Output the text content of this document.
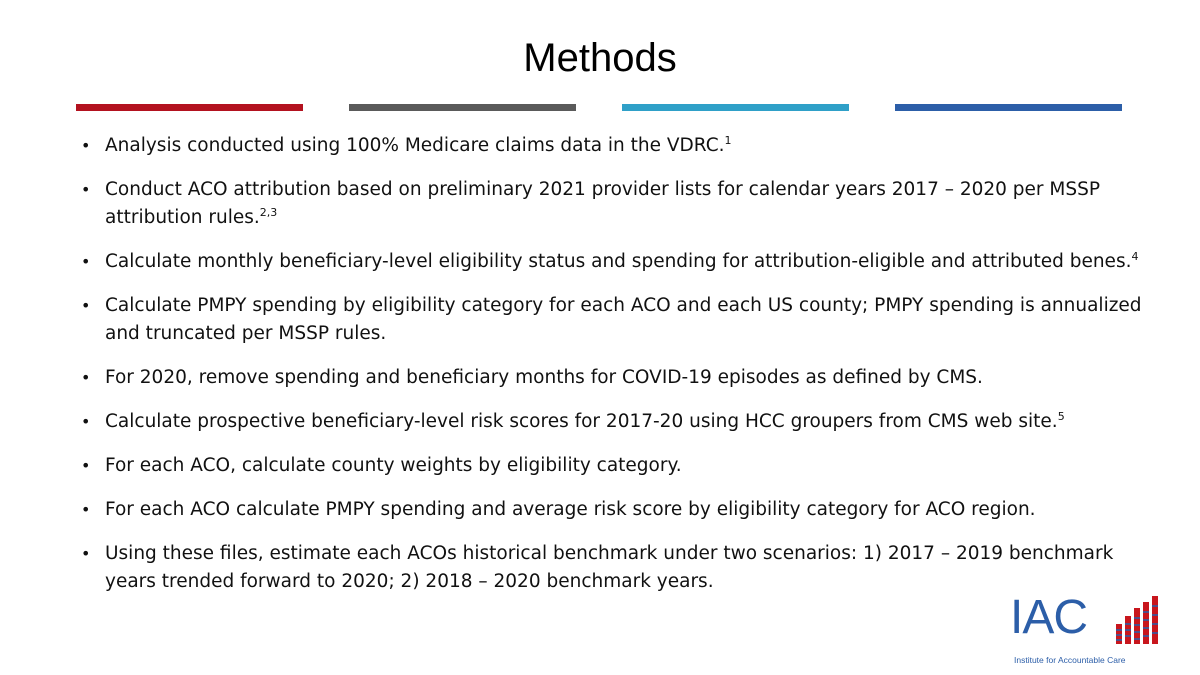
Methods
• Analysis conducted using 100% Medicare claims data in the VDRC.$^1$
• Conduct ACO attribution based on preliminary 2021 provider lists for calendar years 2017 – 2020 per MSSP attribution rules.$^{2,3}$
• Calculate monthly beneficiary-level eligibility status and spending for attribution-eligible and attributed benes.$^4$
• Calculate PMPY spending by eligibility category for each ACO and each US county; PMPY spending is annualized and truncated per MSSP rules.
• For 2020, remove spending and beneficiary months for COVID-19 episodes as defined by CMS.
• Calculate prospective beneficiary-level risk scores for 2017-20 using HCC groupers from CMS web site.$^5$
• For each ACO, calculate county weights by eligibility category.
• For each ACO calculate PMPY spending and average risk score by eligibility category for ACO region.
• Using these files, estimate each ACOs historical benchmark under two scenarios: 1) 2017 – 2019 benchmark years trended forward to 2020; 2) 2018 – 2020 benchmark years.
IAC
Institute for Accountable Care
